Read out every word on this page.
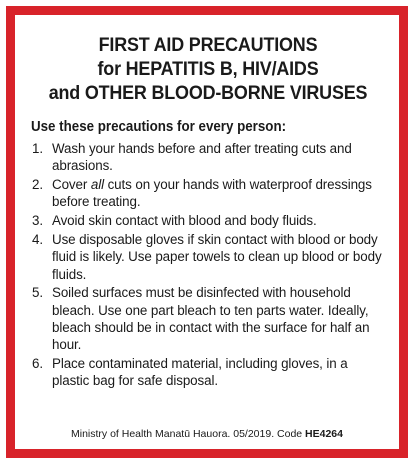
FIRST AID PRECAUTIONS
for HEPATITIS B, HIV/AIDS
and OTHER BLOOD-BORNE VIRUSES
Use these precautions for every person:
1. Wash your hands before and after treating cuts and abrasions.
2. Cover all cuts on your hands with waterproof dressings before treating.
3. Avoid skin contact with blood and body fluids.
4. Use disposable gloves if skin contact with blood or body fluid is likely. Use paper towels to clean up blood or body fluids.
5. Soiled surfaces must be disinfected with household bleach. Use one part bleach to ten parts water. Ideally, bleach should be in contact with the surface for half an hour.
6. Place contaminated material, including gloves, in a plastic bag for safe disposal.
Ministry of Health Manatū Hauora. 05/2019. Code HE4264
